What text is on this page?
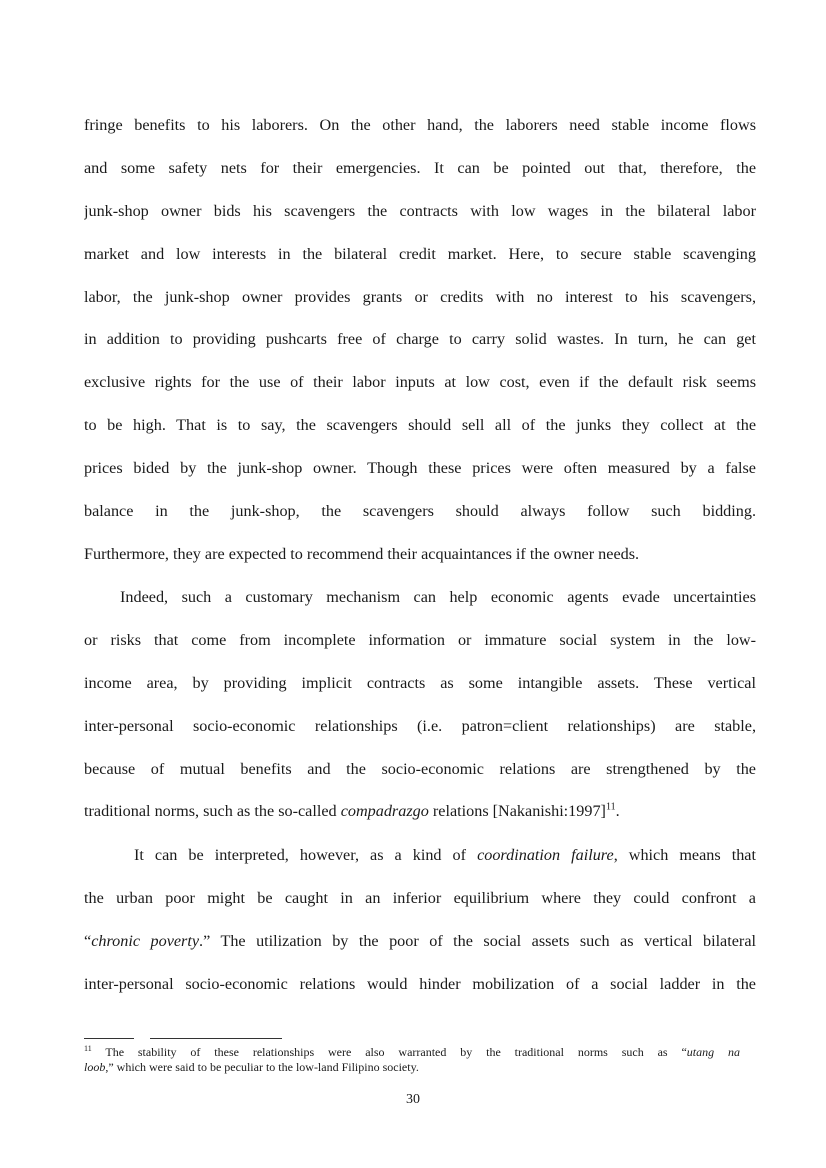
fringe benefits to his laborers. On the other hand, the laborers need stable income flows
and some safety nets for their emergencies. It can be pointed out that, therefore, the
junk-shop owner bids his scavengers the contracts with low wages in the bilateral labor
market and low interests in the bilateral credit market. Here, to secure stable scavenging
labor, the junk-shop owner provides grants or credits with no interest to his scavengers,
in addition to providing pushcarts free of charge to carry solid wastes. In turn, he can get
exclusive rights for the use of their labor inputs at low cost, even if the default risk seems
to be high. That is to say, the scavengers should sell all of the junks they collect at the
prices bided by the junk-shop owner. Though these prices were often measured by a false
balance in the junk-shop, the scavengers should always follow such bidding.
Furthermore, they are expected to recommend their acquaintances if the owner needs.
Indeed, such a customary mechanism can help economic agents evade uncertainties
or risks that come from incomplete information or immature social system in the low-
income area, by providing implicit contracts as some intangible assets. These vertical
inter-personal socio-economic relationships (i.e. patron=client relationships) are stable,
because of mutual benefits and the socio-economic relations are strengthened by the
traditional norms, such as the so-called compadrazgo relations [Nakanishi:1997]$^{11}$.
It can be interpreted, however, as a kind of coordination failure, which means that
the urban poor might be caught in an inferior equilibrium where they could confront a
“chronic poverty.” The utilization by the poor of the social assets such as vertical bilateral
inter-personal socio-economic relations would hinder mobilization of a social ladder in the
$^{11}$ The stability of these relationships were also warranted by the traditional norms such as “utang na
loob,” which were said to be peculiar to the low-land Filipino society.
30
